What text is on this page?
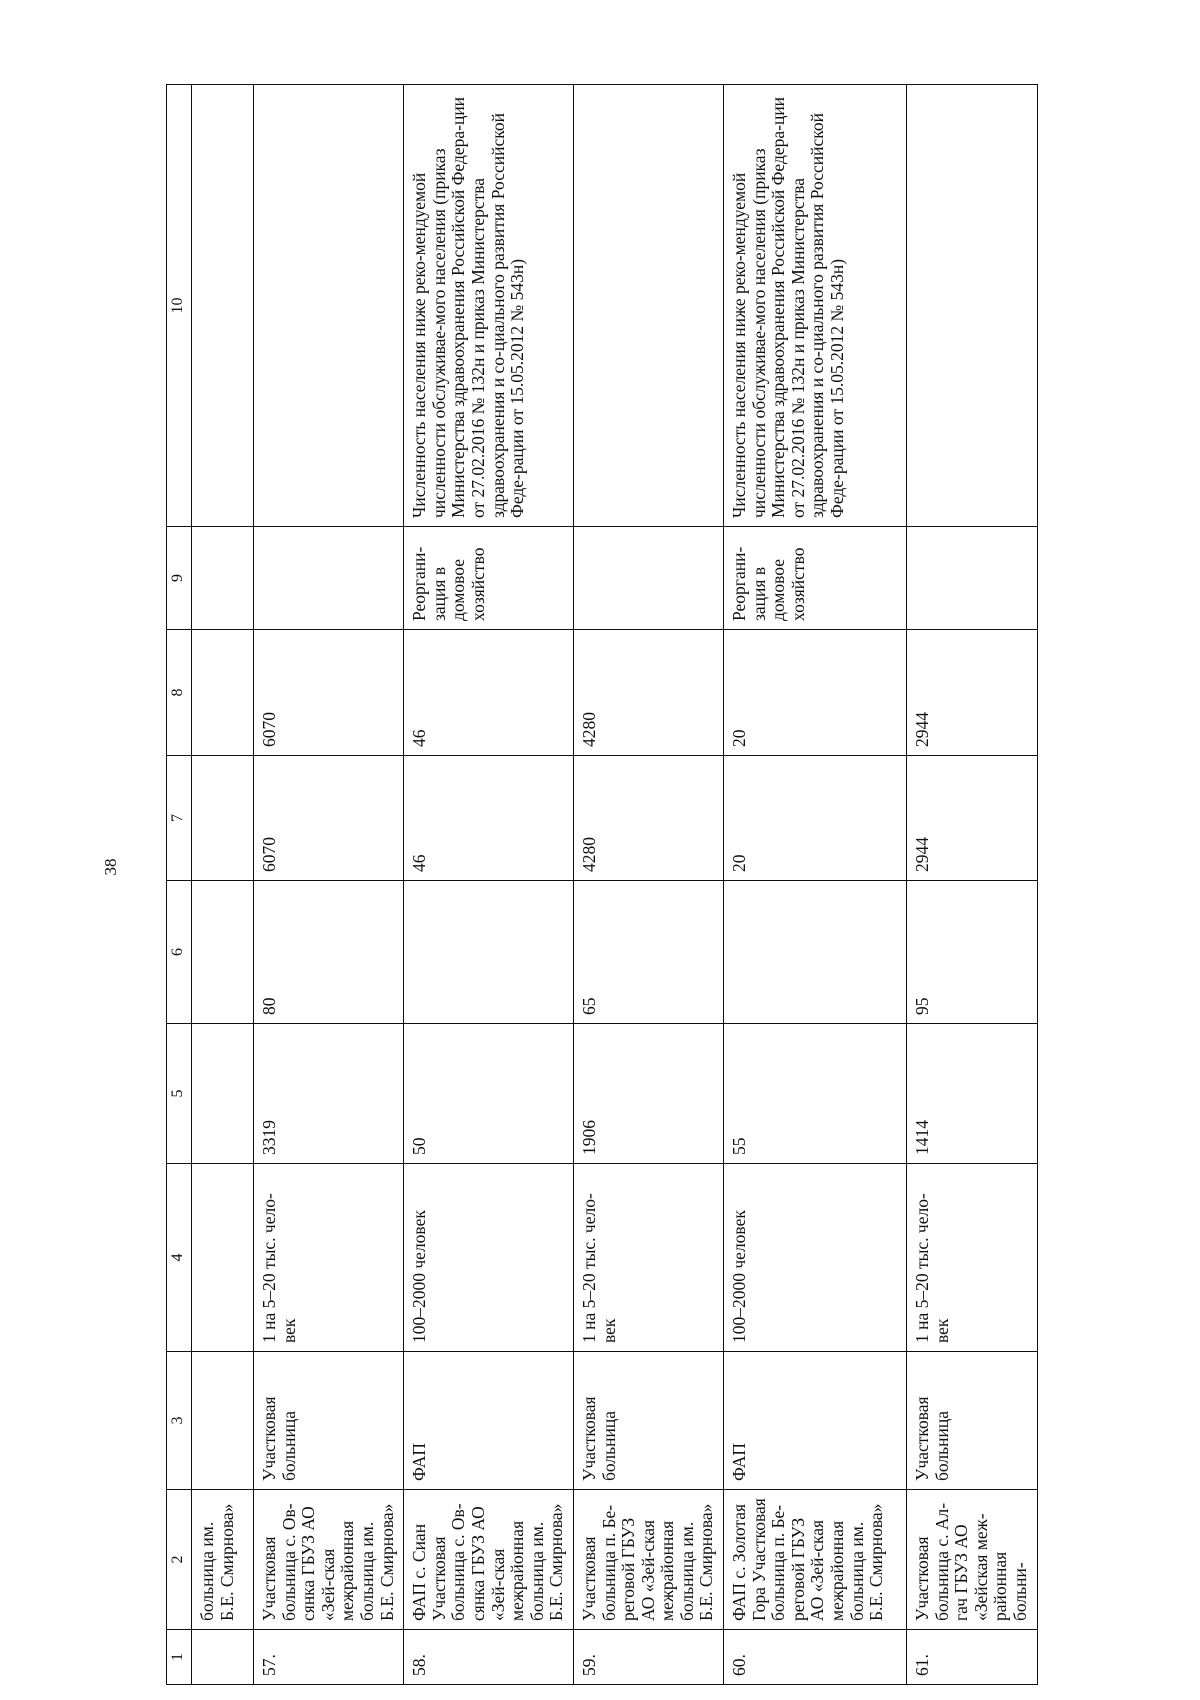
38
1	2	3	4	5	6	7	8	9	10
	больница им.
Б.Е. Смирнова»								
57.	Участковая больница с. Ов-сянка ГБУЗ АО «Зей-ская межрайонная больница им. Б.Е. Смирнова»	Участковая больница	1 на 5–20 тыс. чело-век	3319	80	6070	6070		
58.	ФАП с. Сиан Участковая больница с. Ов-сянка ГБУЗ АО «Зей-ская межрайонная больница им. Б.Е. Смирнова»	ФАП	100–2000 человек	50		46	46	Реоргани-зация в домовое хозяйство	Численность населения ниже реко-мендуемой численности обслуживае-мого населения (приказ Министерства здравоохранения Российской Федера-ции от 27.02.2016 № 132н и приказ Министерства здравоохранения и со-циального развития Российской Феде-рации от 15.05.2012 № 543н)
59.	Участковая больница п. Бе-реговой ГБУЗ АО «Зей-ская межрайонная больница им. Б.Е. Смирнова»	Участковая больница	1 на 5–20 тыс. чело-век	1906	65	4280	4280		
60.	ФАП с. Золотая Гора Участковая больница п. Бе-реговой ГБУЗ АО «Зей-ская межрайонная больница им. Б.Е. Смирнова»	ФАП	100–2000 человек	55		20	20	Реоргани-зация в домовое хозяйство	Численность населения ниже реко-мендуемой численности обслуживае-мого населения (приказ Министерства здравоохранения Российской Федера-ции от 27.02.2016 № 132н и приказ Министерства здравоохранения и со-циального развития Российской Феде-рации от 15.05.2012 № 543н)
61.	Участковая больница с. Ал-гач ГБУЗ АО «Зейская меж-районная больни-	Участковая больница	1 на 5–20 тыс. чело-век	1414	95	2944	2944		
